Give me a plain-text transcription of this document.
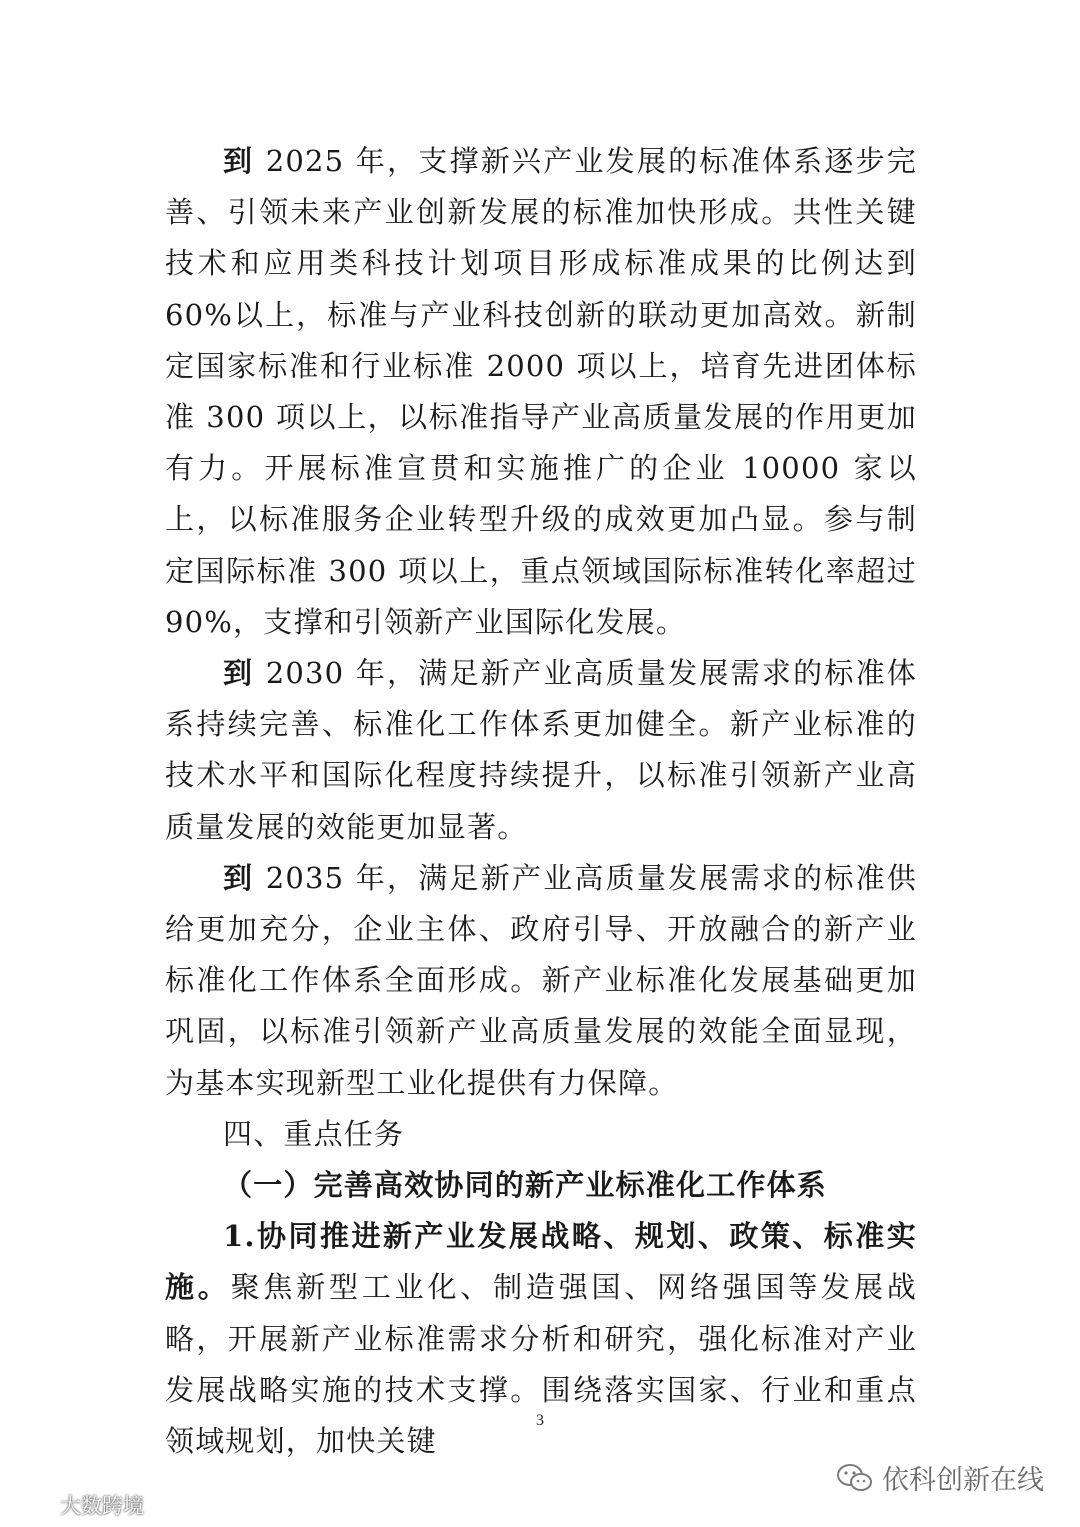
到 2025 年，支撑新兴产业发展的标准体系逐步完善、引领未来产业创新发展的标准加快形成。共性关键技术和应用类科技计划项目形成标准成果的比例达到 60%以上，标准与产业科技创新的联动更加高效。新制定国家标准和行业标准 2000 项以上，培育先进团体标准 300 项以上，以标准指导产业高质量发展的作用更加有力。开展标准宣贯和实施推广的企业 10000 家以上，以标准服务企业转型升级的成效更加凸显。参与制定国际标准 300 项以上，重点领域国际标准转化率超过 90%，支撑和引领新产业国际化发展。

到 2030 年，满足新产业高质量发展需求的标准体系持续完善、标准化工作体系更加健全。新产业标准的技术水平和国际化程度持续提升，以标准引领新产业高质量发展的效能更加显著。

到 2035 年，满足新产业高质量发展需求的标准供给更加充分，企业主体、政府引导、开放融合的新产业标准化工作体系全面形成。新产业标准化发展基础更加巩固，以标准引领新产业高质量发展的效能全面显现，为基本实现新型工业化提供有力保障。

四、重点任务

（一）完善高效协同的新产业标准化工作体系

1.协同推进新产业发展战略、规划、政策、标准实施。聚焦新型工业化、制造强国、网络强国等发展战略，开展新产业标准需求分析和研究，强化标准对产业发展战略实施的技术支撑。围绕落实国家、行业和重点领域规划，加快关键

3
依科创新在线
大数跨境
